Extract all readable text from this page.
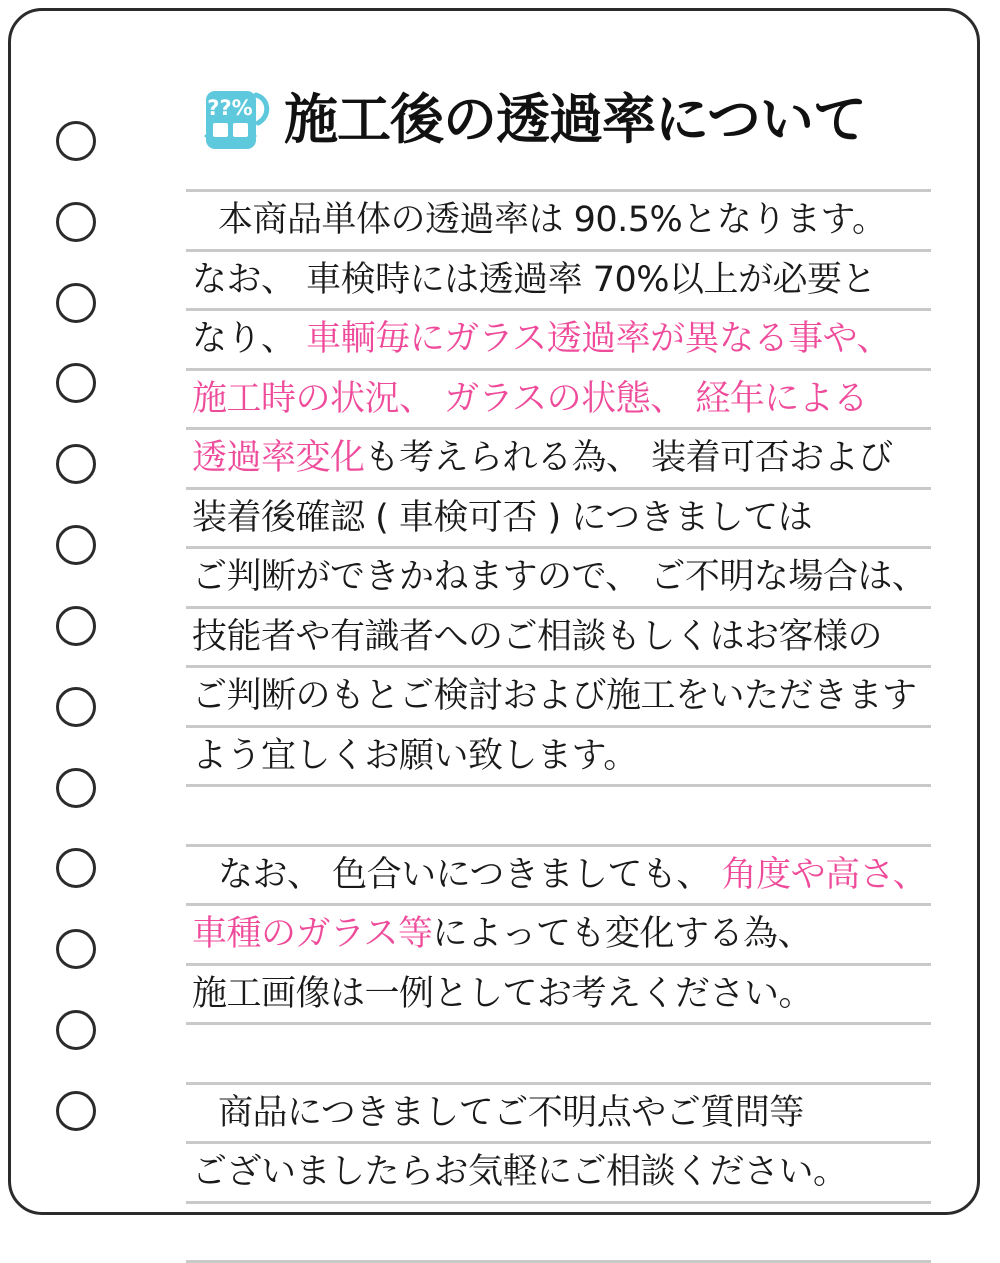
??% 施工後の透過率について
本商品単体の透過率は 90.5%となります。
なお、 車検時には透過率 70%以上が必要と
なり、 車輌毎にガラス透過率が異なる事や、
施工時の状況、 ガラスの状態、 経年による
透過率変化も考えられる為、 装着可否および
装着後確認 ( 車検可否 ) につきましては
ご判断ができかねますので、 ご不明な場合は、
技能者や有識者へのご相談もしくはお客様の
ご判断のもとご検討および施工をいただきます
よう宜しくお願い致します。
なお、 色合いにつきましても、 角度や高さ、
車種のガラス等によっても変化する為、
施工画像は一例としてお考えください。
商品につきましてご不明点やご質問等
ございましたらお気軽にご相談ください。
